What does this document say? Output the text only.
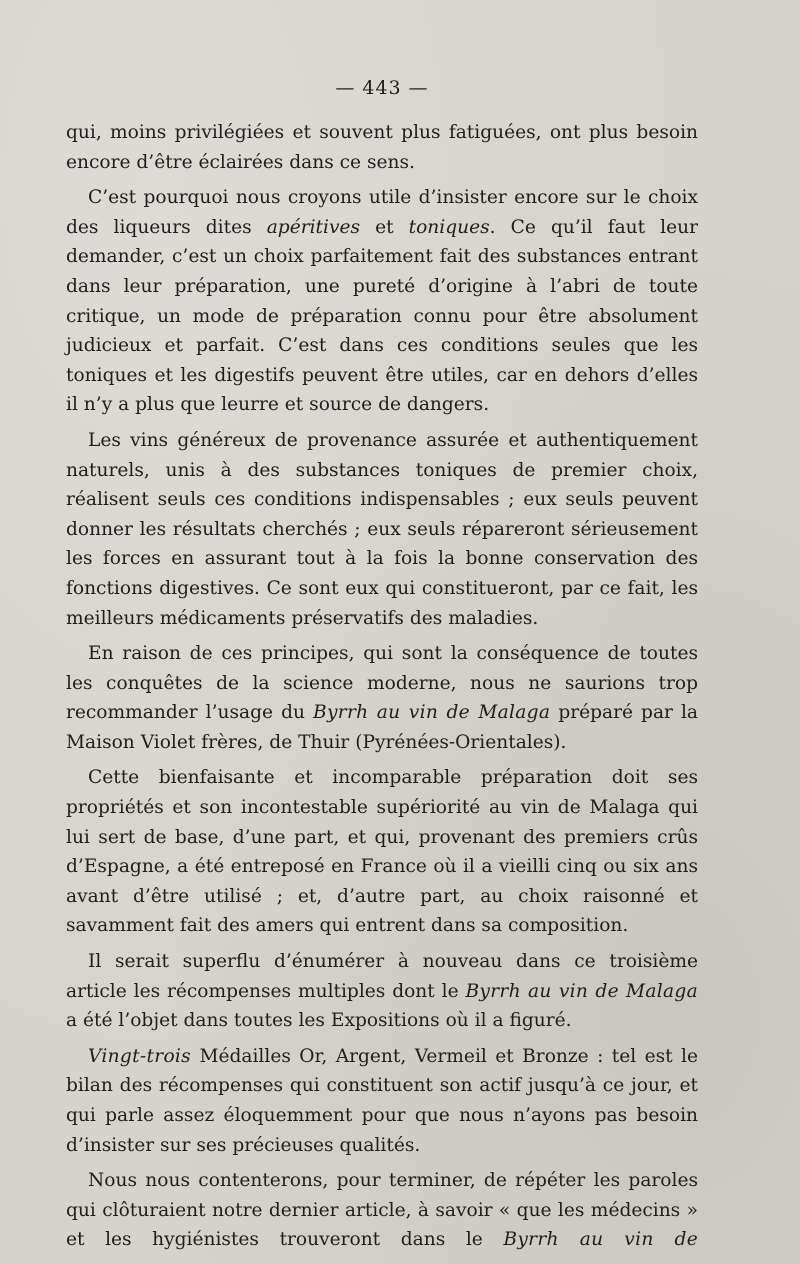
— 443 —

qui, moins privilégiées et souvent plus fatiguées, ont plus besoin encore d’être éclairées dans ce sens.

C’est pourquoi nous croyons utile d’insister encore sur le choix des liqueurs dites apéritives et toniques. Ce qu’il faut leur demander, c’est un choix parfaitement fait des substances entrant dans leur préparation, une pureté d’origine à l’abri de toute critique, un mode de préparation connu pour être absolument judicieux et parfait. C’est dans ces conditions seules que les toniques et les digestifs peuvent être utiles, car en dehors d’elles il n’y a plus que leurre et source de dangers.

Les vins généreux de provenance assurée et authentiquement naturels, unis à des substances toniques de premier choix, réalisent seuls ces conditions indispensables ; eux seuls peuvent donner les résultats cherchés ; eux seuls répareront sérieusement les forces en assurant tout à la fois la bonne conservation des fonctions digestives. Ce sont eux qui constitueront, par ce fait, les meilleurs médicaments préservatifs des maladies.

En raison de ces principes, qui sont la conséquence de toutes les conquêtes de la science moderne, nous ne saurions trop recommander l’usage du Byrrh au vin de Malaga préparé par la Maison Violet frères, de Thuir (Pyrénées-Orientales).

Cette bienfaisante et incomparable préparation doit ses propriétés et son incontestable supériorité au vin de Malaga qui lui sert de base, d’une part, et qui, provenant des premiers crûs d’Espagne, a été entreposé en France où il a vieilli cinq ou six ans avant d’être utilisé ; et, d’autre part, au choix raisonné et savamment fait des amers qui entrent dans sa composition.

Il serait superflu d’énumérer à nouveau dans ce troisième article les récompenses multiples dont le Byrrh au vin de Malaga a été l’objet dans toutes les Expositions où il a figuré.

Vingt-trois Médailles Or, Argent, Vermeil et Bronze : tel est le bilan des récompenses qui constituent son actif jusqu’à ce jour, et qui parle assez éloquemment pour que nous n’ayons pas besoin d’insister sur ses précieuses qualités.

Nous nous contenterons, pour terminer, de répéter les paroles qui clôturaient notre dernier article, à savoir « que les médecins » et les hygiénistes trouveront dans le Byrrh au vin de
